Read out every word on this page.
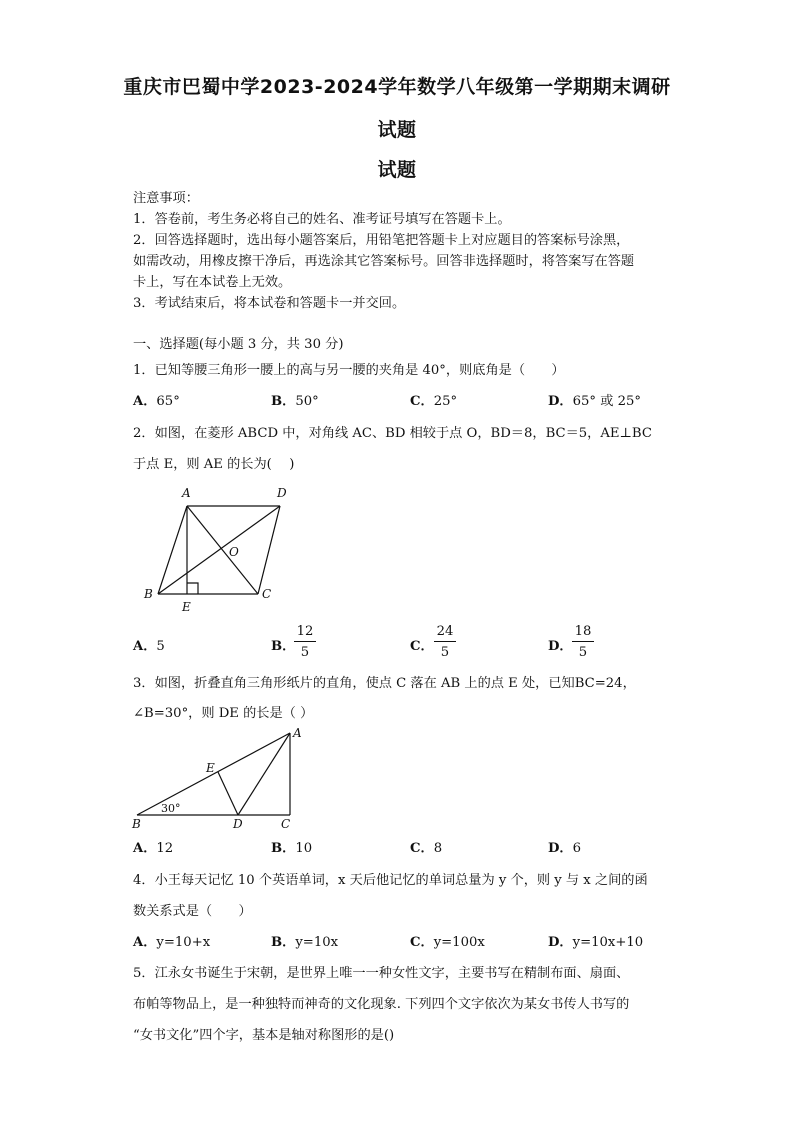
重庆市巴蜀中学2023-2024学年数学八年级第一学期期末调研
试题
试题
注意事项：
1．答卷前，考生务必将自己的姓名、准考证号填写在答题卡上。
2．回答选择题时，选出每小题答案后，用铅笔把答题卡上对应题目的答案标号涂黑，
如需改动，用橡皮擦干净后，再选涂其它答案标号。回答非选择题时，将答案写在答题
卡上，写在本试卷上无效。
3．考试结束后，将本试卷和答题卡一并交回。
一、选择题(每小题 3 分，共 30 分)
1．已知等腰三角形一腰上的高与另一腰的夹角是 40°，则底角是（　　）
A．65°	B．50°	C．25°	D．65° 或 25°
2．如图，在菱形 ABCD 中，对角线 AC、BD 相较于点 O，BD＝8，BC＝5，AE⊥BC
于点 E，则 AE 的长为(　 )
A	D
O
B
E
C
A．5	B．
$\frac{12}{5}$	C． $\frac{24}{5}$	D． $\frac{18}{5}$
3．如图，折叠直角三角形纸片的直角，使点 C 落在 AB 上的点 E 处，已知BC=24，
∠B=30°，则 DE 的长是（ ）
A
E
30°
B	D	C
A．12	B．10	C．8	D．6
4．小王每天记忆 10 个英语单词，x 天后他记忆的单词总量为 y 个，则 y 与 x 之间的函
数关系式是（　　）
A．y=10+x	B．y=10x	C．y=100x	D．y=10x+10
5．江永女书诞生于宋朝，是世界上唯一一种女性文字，主要书写在精制布面、扇面、
布帕等物品上，是一种独特而神奇的文化现象. 下列四个文字依次为某女书传人书写的
“女书文化”四个字，基本是轴对称图形的是()
